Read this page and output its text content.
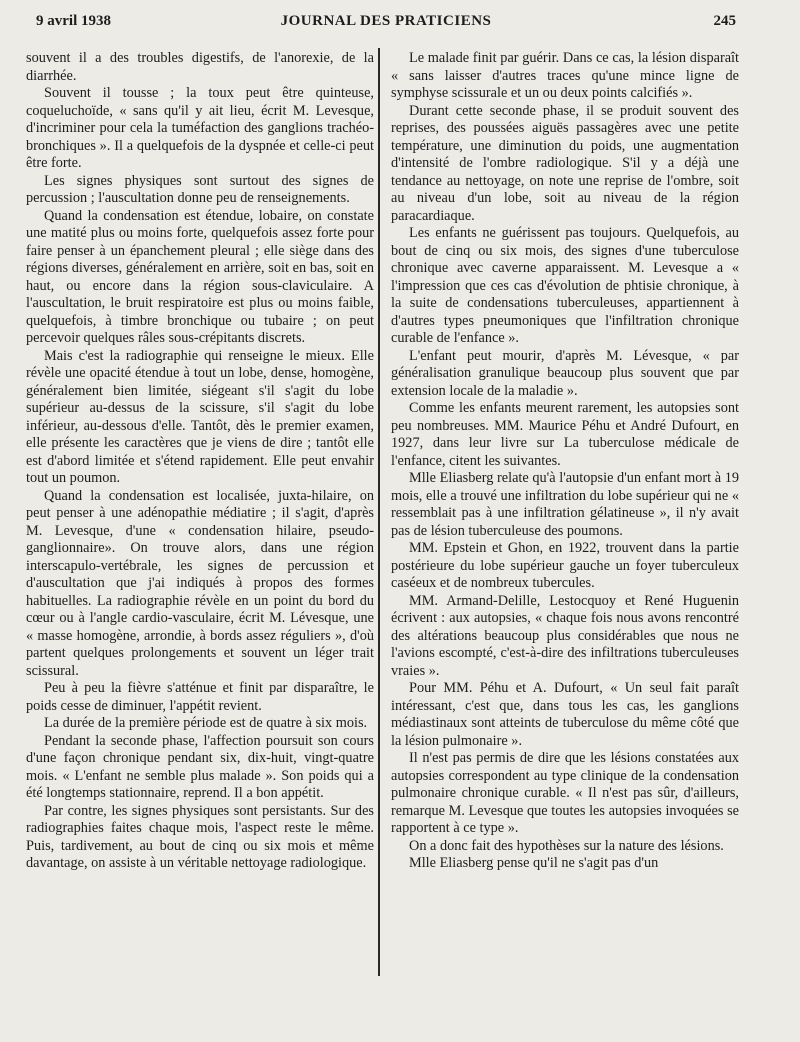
9 avril 1938	JOURNAL DES PRATICIENS	245

souvent il a des troubles digestifs, de l'anorexie, de la diarrhée.

Souvent il tousse ; la toux peut être quinteuse, coqueluchoïde, « sans qu'il y ait lieu, écrit M. Levesque, d'incriminer pour cela la tuméfaction des ganglions trachéo-bronchiques ». Il a quelquefois de la dyspnée et celle-ci peut être forte.

Les signes physiques sont surtout des signes de percussion ; l'auscultation donne peu de renseignements.

Quand la condensation est étendue, lobaire, on constate une matité plus ou moins forte, quelquefois assez forte pour faire penser à un épanchement pleural ; elle siège dans des régions diverses, généralement en arrière, soit en bas, soit en haut, ou encore dans la région sous-claviculaire. A l'auscultation, le bruit respiratoire est plus ou moins faible, quelquefois, à timbre bronchique ou tubaire ; on peut percevoir quelques râles sous-crépitants discrets.

Mais c'est la radiographie qui renseigne le mieux. Elle révèle une opacité étendue à tout un lobe, dense, homogène, généralement bien limitée, siégeant s'il s'agit du lobe supérieur au-dessus de la scissure, s'il s'agit du lobe inférieur, au-dessous d'elle. Tantôt, dès le premier examen, elle présente les caractères que je viens de dire ; tantôt elle est d'abord limitée et s'étend rapidement. Elle peut envahir tout un poumon.

Quand la condensation est localisée, juxta-hilaire, on peut penser à une adénopathie médiatire ; il s'agit, d'après M. Levesque, d'une « condensation hilaire, pseudo-ganglionnaire». On trouve alors, dans une région interscapulo-vertébrale, les signes de percussion et d'auscultation que j'ai indiqués à propos des formes habituelles. La radiographie révèle en un point du bord du cœur ou à l'angle cardio-vasculaire, écrit M. Lévesque, une « masse homogène, arrondie, à bords assez réguliers », d'où partent quelques prolongements et souvent un léger trait scissural.

Peu à peu la fièvre s'atténue et finit par disparaître, le poids cesse de diminuer, l'appétit revient.

La durée de la première période est de quatre à six mois.

Pendant la seconde phase, l'affection poursuit son cours d'une façon chronique pendant six, dix-huit, vingt-quatre mois. « L'enfant ne semble plus malade ». Son poids qui a été longtemps stationnaire, reprend. Il a bon appétit.

Par contre, les signes physiques sont persistants. Sur des radiographies faites chaque mois, l'aspect reste le même. Puis, tardivement, au bout de cinq ou six mois et même davantage, on assiste à un véritable nettoyage radiologique.

Le malade finit par guérir. Dans ce cas, la lésion disparaît « sans laisser d'autres traces qu'une mince ligne de symphyse scissurale et un ou deux points calcifiés ».

Durant cette seconde phase, il se produit souvent des reprises, des poussées aiguës passagères avec une petite température, une diminution du poids, une augmentation d'intensité de l'ombre radiologique. S'il y a déjà une tendance au nettoyage, on note une reprise de l'ombre, soit au niveau d'un lobe, soit au niveau de la région paracardiaque.

Les enfants ne guérissent pas toujours. Quelquefois, au bout de cinq ou six mois, des signes d'une tuberculose chronique avec caverne apparaissent. M. Levesque a « l'impression que ces cas d'évolution de phtisie chronique, à la suite de condensations tuberculeuses, appartiennent à d'autres types pneumoniques que l'infiltration chronique curable de l'enfance ».

L'enfant peut mourir, d'après M. Lévesque, « par généralisation granulique beaucoup plus souvent que par extension locale de la maladie ».

Comme les enfants meurent rarement, les autopsies sont peu nombreuses. MM. Maurice Péhu et André Dufourt, en 1927, dans leur livre sur La tuberculose médicale de l'enfance, citent les suivantes.

Mlle Eliasberg relate qu'à l'autopsie d'un enfant mort à 19 mois, elle a trouvé une infiltration du lobe supérieur qui ne « ressemblait pas à une infiltration gélatineuse », il n'y avait pas de lésion tuberculeuse des poumons.

MM. Epstein et Ghon, en 1922, trouvent dans la partie postérieure du lobe supérieur gauche un foyer tuberculeux caséeux et de nombreux tubercules.

MM. Armand-Delille, Lestocquoy et René Huguenin écrivent : aux autopsies, « chaque fois nous avons rencontré des altérations beaucoup plus considérables que nous ne l'avions escompté, c'est-à-dire des infiltrations tuberculeuses vraies ».

Pour MM. Péhu et A. Dufourt, « Un seul fait paraît intéressant, c'est que, dans tous les cas, les ganglions médiastinaux sont atteints de tuberculose du même côté que la lésion pulmonaire ».

Il n'est pas permis de dire que les lésions constatées aux autopsies correspondent au type clinique de la condensation pulmonaire chronique curable. « Il n'est pas sûr, d'ailleurs, remarque M. Levesque que toutes les autopsies invoquées se rapportent à ce type ».

On a donc fait des hypothèses sur la nature des lésions.

Mlle Eliasberg pense qu'il ne s'agit pas d'un
